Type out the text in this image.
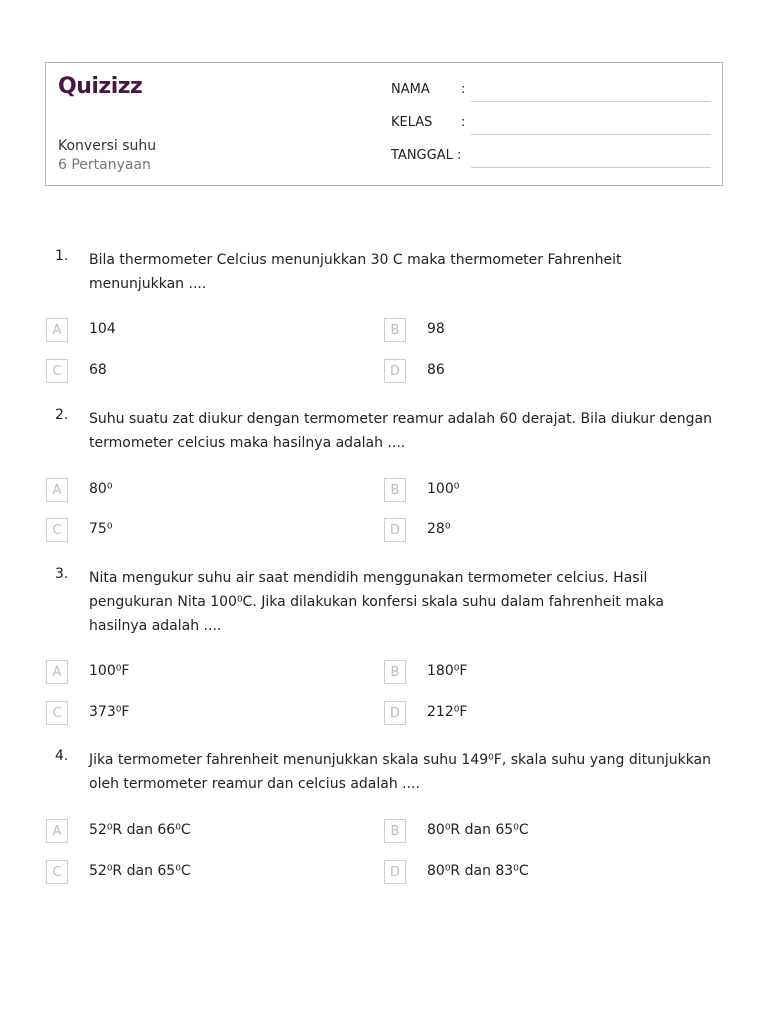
Quizizz
Konversi suhu
6 Pertanyaan
NAMA :
KELAS :
TANGGAL :
1. Bila thermometer Celcius menunjukkan 30 C maka thermometer Fahrenheit menunjukkan ....
A	104	B	98
C	68	D	86
2. Suhu suatu zat diukur dengan termometer reamur adalah 60 derajat. Bila diukur dengan termometer celcius maka hasilnya adalah ....
A	80⁰	B	100⁰
C	75⁰	D	28⁰
3. Nita mengukur suhu air saat mendidih menggunakan termometer celcius. Hasil pengukuran Nita 100⁰C. Jika dilakukan konfersi skala suhu dalam fahrenheit maka hasilnya adalah ....
A	100⁰F	B	180⁰F
C	373⁰F	D	212⁰F
4. Jika termometer fahrenheit menunjukkan skala suhu 149⁰F, skala suhu yang ditunjukkan oleh termometer reamur dan celcius adalah ....
A	52⁰R dan 66⁰C	B	80⁰R dan 65⁰C
C	52⁰R dan 65⁰C	D	80⁰R dan 83⁰C
